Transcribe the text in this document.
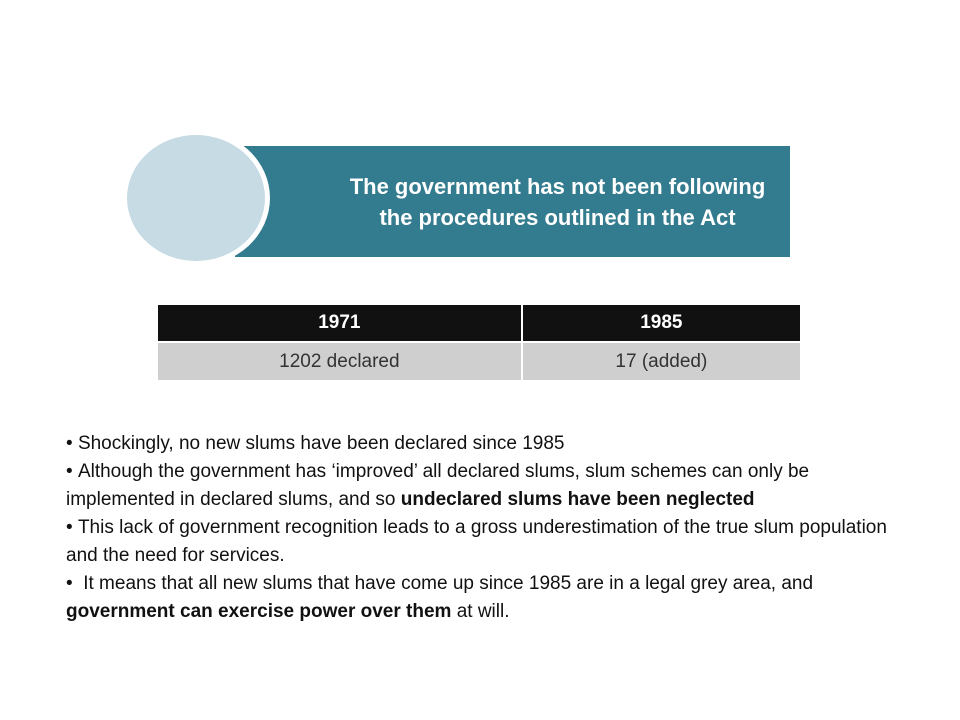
The government has not been following the procedures outlined in the Act
1971	1985
1202 declared	17 (added)
• Shockingly, no new slums have been declared since 1985
• Although the government has ‘improved’ all declared slums, slum schemes can only be implemented in declared slums, and so undeclared slums have been neglected
• This lack of government recognition leads to a gross underestimation of the true slum population and the need for services.
•  It means that all new slums that have come up since 1985 are in a legal grey area, and government can exercise power over them at will.
